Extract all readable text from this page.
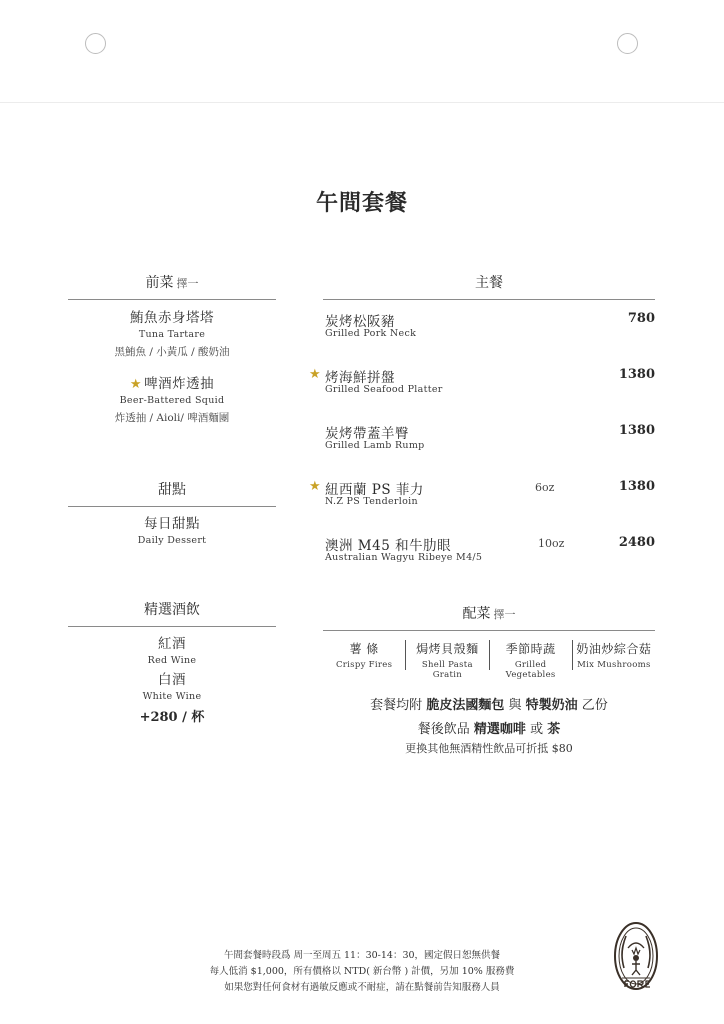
午間套餐
前菜 擇一
鮪魚赤身塔塔
Tuna Tartare
黑鮪魚 / 小黃瓜 / 酸奶油
★ 啤酒炸透抽
Beer-Battered Squid
炸透抽 / Aioli/ 啤酒麵團
甜點
每日甜點
Daily Dessert
精選酒飲
紅酒
Red Wine
白酒
White Wine
+280 / 杯
主餐
炭烤松阪豬
Grilled Pork Neck
780
★ 烤海鮮拼盤
Grilled Seafood Platter
1380
炭烤帶蓋羊臀
Grilled Lamb Rump
1380
★ 紐西蘭 PS 菲力
N.Z PS Tenderloin
6oz	1380
澳洲 M45 和牛肋眼
Australian Wagyu Ribeye M4/5
10oz	2480
配菜 擇一
薯 條
Crispy Fires
焗烤貝殼麵
Shell Pasta Gratin
季節時蔬
Grilled Vegetables
奶油炒綜合菇
Mix Mushrooms
套餐均附 脆皮法國麵包 與 特製奶油 乙份
餐後飲品 精選咖啡 或 茶
更換其他無酒精性飲品可折抵 $80
午間套餐時段爲 周一至周五 11：30-14：30，國定假日恕無供餐
每人低消 $1,000，所有價格以 NTD( 新台幣 ) 計價，另加 10% 服務費
如果您對任何食材有過敏反應或不耐症，請在點餐前告知服務人員
